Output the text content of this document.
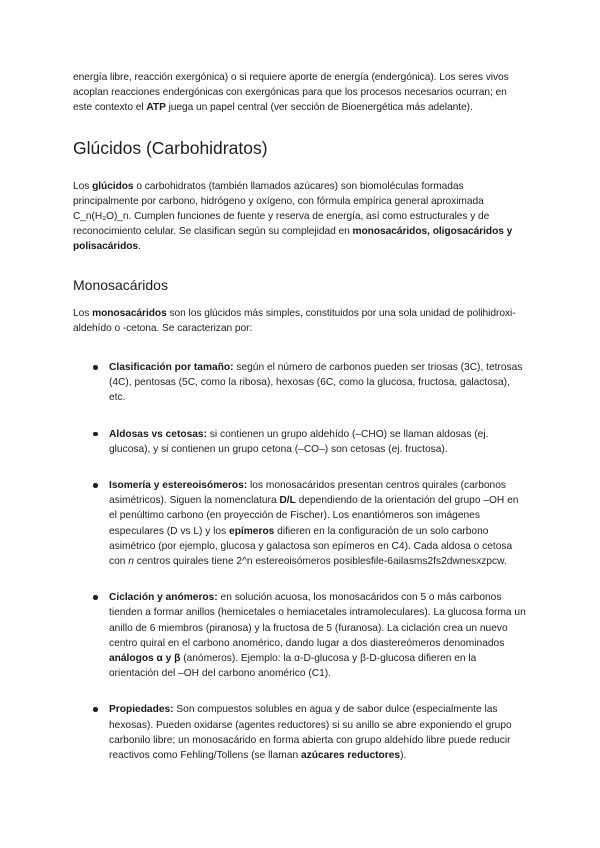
energía libre, reacción exergónica) o si requiere aporte de energía (endergónica). Los seres vivos acoplan reacciones endergónicas con exergónicas para que los procesos necesarios ocurran; en este contexto el ATP juega un papel central (ver sección de Bioenergética más adelante).

Glúcidos (Carbohidratos)

Los glúcidos o carbohidratos (también llamados azúcares) son biomoléculas formadas principalmente por carbono, hidrógeno y oxígeno, con fórmula empírica general aproximada C_n(H₂O)_n. Cumplen funciones de fuente y reserva de energía, así como estructurales y de reconocimiento celular. Se clasifican según su complejidad en monosacáridos, oligosacáridos y polisacáridos.

Monosacáridos

Los monosacáridos son los glúcidos más simples, constituidos por una sola unidad de polihidroxi-aldehído o -cetona. Se caracterizan por:

Clasificación por tamaño: según el número de carbonos pueden ser triosas (3C), tetrosas (4C), pentosas (5C, como la ribosa), hexosas (6C, como la glucosa, fructosa, galactosa), etc.
Aldosas vs cetosas: si contienen un grupo aldehído (–CHO) se llaman aldosas (ej. glucosa), y si contienen un grupo cetona (–CO–) son cetosas (ej. fructosa).
Isomería y estereoisómeros: los monosacáridos presentan centros quirales (carbonos asimétricos). Siguen la nomenclatura D/L dependiendo de la orientación del grupo –OH en el penúltimo carbono (en proyección de Fischer). Los enantiómeros son imágenes especulares (D vs L) y los epímeros difieren en la configuración de un solo carbono asimétrico (por ejemplo, glucosa y galactosa son epímeros en C4). Cada aldosa o cetosa con n centros quirales tiene 2^n estereoisómeros posiblesfile-6ailasms2fs2dwnesxzpcw.
Ciclación y anómeros: en solución acuosa, los monosacáridos con 5 o más carbonos tienden a formar anillos (hemicetales o hemiacetales intramoleculares). La glucosa forma un anillo de 6 miembros (piranosa) y la fructosa de 5 (furanosa). La ciclación crea un nuevo centro quiral en el carbono anomérico, dando lugar a dos diastereómeros denominados análogos α y β (anómeros). Ejemplo: la α-D-glucosa y β-D-glucosa difieren en la orientación del –OH del carbono anomérico (C1).
Propiedades: Son compuestos solubles en agua y de sabor dulce (especialmente las hexosas). Pueden oxidarse (agentes reductores) si su anillo se abre exponiendo el grupo carbonilo libre; un monosacárido en forma abierta con grupo aldehído libre puede reducir reactivos como Fehling/Tollens (se llaman azúcares reductores).
